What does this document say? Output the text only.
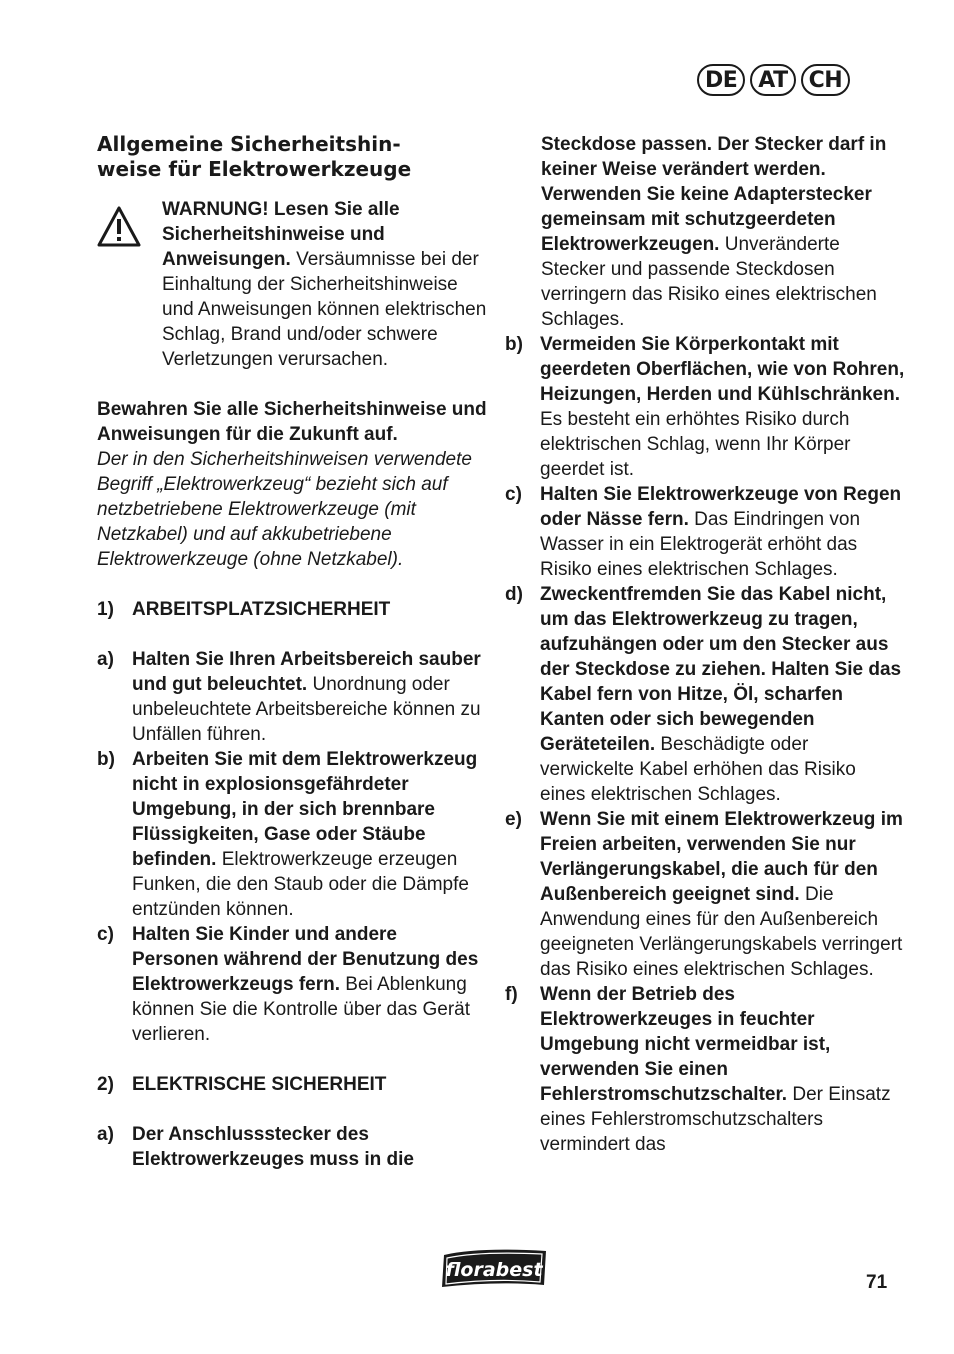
DE AT CH
Allgemeine Sicherheitshin-
weise für Elektrowerkzeuge

WARNUNG! Lesen Sie alle Sicherheitshinweise und Anweisungen. Versäumnisse bei der Einhaltung der Sicherheitshinweise und Anweisungen können elektrischen Schlag, Brand und/oder schwere Verletzungen verursachen.

Bewahren Sie alle Sicherheitshinweise und Anweisungen für die Zukunft auf.

Der in den Sicherheitshinweisen verwendete Begriff „Elektrowerkzeug“ bezieht sich auf netzbetriebene Elektrowerkzeuge (mit Netzkabel) und auf akkubetriebene Elektrowerkzeuge (ohne Netzkabel).

1) ARBEITSPLATZSICHERHEIT
a) Halten Sie Ihren Arbeitsbereich sauber und gut beleuchtet. Unordnung oder unbeleuchtete Arbeitsbereiche können zu Unfällen führen.

b) Arbeiten Sie mit dem Elektrowerkzeug nicht in explosionsgefährdeter Umgebung, in der sich brennbare Flüssigkeiten, Gase oder Stäube befinden. Elektrowerkzeuge erzeugen Funken, die den Staub oder die Dämpfe entzünden können.

c) Halten Sie Kinder und andere Personen während der Benutzung des Elektrowerkzeugs fern. Bei Ablenkung können Sie die Kontrolle über das Gerät verlieren.

2) ELEKTRISCHE SICHERHEIT
a) Der Anschlussstecker des Elektrowerkzeuges muss in die

Steckdose passen. Der Stecker darf in keiner Weise verändert werden. Verwenden Sie keine Adapterstecker gemeinsam mit schutzgeerdeten Elektrowerkzeugen. Unveränderte Stecker und passende Steckdosen verringern das Risiko eines elektrischen Schlages.

b) Vermeiden Sie Körperkontakt mit geerdeten Oberflächen, wie von Rohren, Heizungen, Herden und Kühlschränken. Es besteht ein erhöhtes Risiko durch elektrischen Schlag, wenn Ihr Körper geerdet ist.

c) Halten Sie Elektrowerkzeuge von Regen oder Nässe fern. Das Eindringen von Wasser in ein Elektrogerät erhöht das Risiko eines elektrischen Schlages.

d) Zweckentfremden Sie das Kabel nicht, um das Elektrowerkzeug zu tragen, aufzuhängen oder um den Stecker aus der Steckdose zu ziehen. Halten Sie das Kabel fern von Hitze, Öl, scharfen Kanten oder sich bewegenden Geräteteilen. Beschädigte oder verwickelte Kabel erhöhen das Risiko eines elektrischen Schlages.

e) Wenn Sie mit einem Elektrowerkzeug im Freien arbeiten, verwenden Sie nur Verlängerungskabel, die auch für den Außenbereich geeignet sind. Die Anwendung eines für den Außenbereich geeigneten Verlängerungskabels verringert das Risiko eines elektrischen Schlages.

f)	Wenn der Betrieb des Elektrowerkzeuges in feuchter Umgebung nicht vermeidbar ist, verwenden Sie einen Fehlerstromschutzschalter. Der Einsatz eines Fehlerstromschutzschalters vermindert das

florabest
71
